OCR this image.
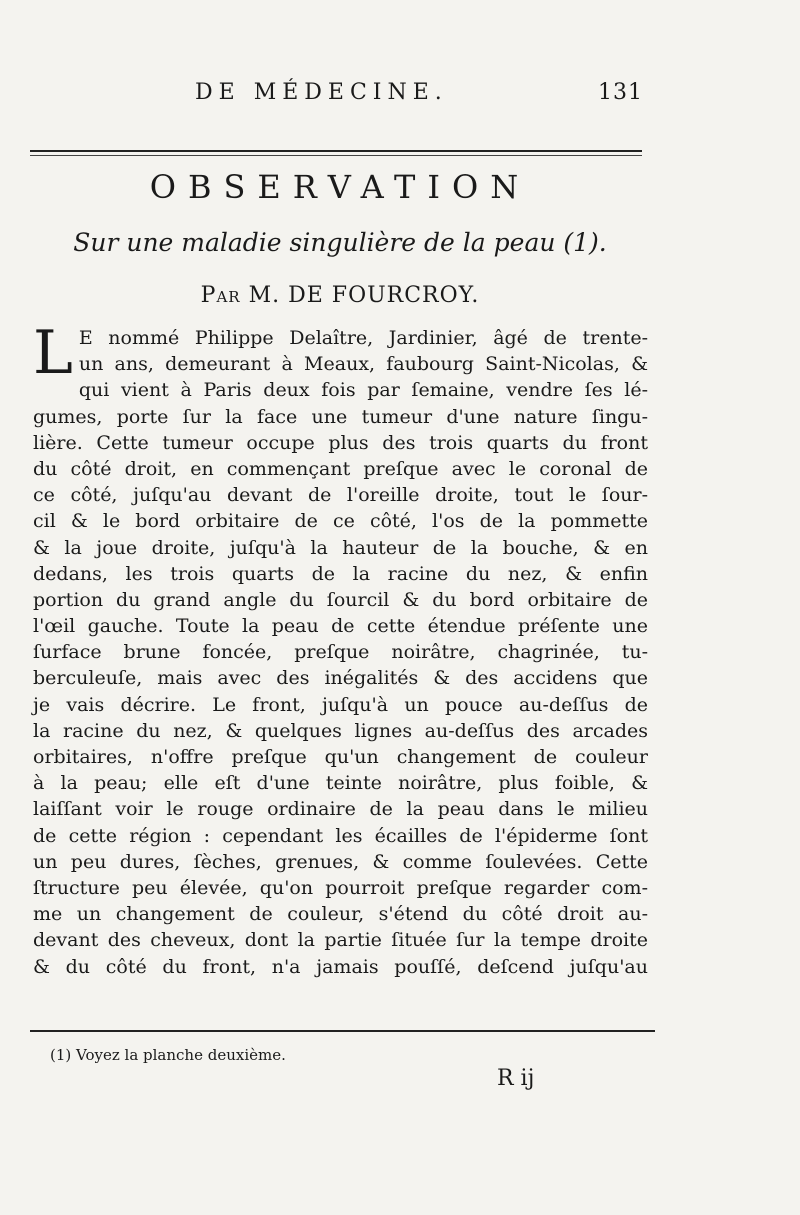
DE MÉDECINE.	131
OBSERVATION
Sur une maladie singulière de la peau (1).
Par M. DE FOURCROY.
L E nommé Philippe Delaître, Jardinier, âgé de trente-
un ans, demeurant à Meaux, faubourg Saint-Nicolas, &
qui vient à Paris deux fois par ſemaine, vendre ſes lé-
gumes, porte ſur la face une tumeur d'une nature ſingu-
lière. Cette tumeur occupe plus des trois quarts du front
du côté droit, en commençant preſque avec le coronal de
ce côté, juſqu'au devant de l'oreille droite, tout le ſour-
cil & le bord orbitaire de ce côté, l'os de la pommette
& la joue droite, juſqu'à la hauteur de la bouche, & en
dedans, les trois quarts de la racine du nez, & enfin
portion du grand angle du ſourcil & du bord orbitaire de
l'œil gauche. Toute la peau de cette étendue préſente une
ſurface brune foncée, preſque noirâtre, chagrinée, tu-
berculeuſe, mais avec des inégalités & des accidens que
je vais décrire. Le front, juſqu'à un pouce au-deſſus de
la racine du nez, & quelques lignes au-deſſus des arcades
orbitaires, n'offre preſque qu'un changement de couleur
à la peau; elle eſt d'une teinte noirâtre, plus foible, &
laiſſant voir le rouge ordinaire de la peau dans le milieu
de cette région : cependant les écailles de l'épiderme ſont
un peu dures, ſèches, grenues, & comme ſoulevées. Cette
ſtructure peu élevée, qu'on pourroit preſque regarder com-
me un changement de couleur, s'étend du côté droit au-
devant des cheveux, dont la partie ſituée ſur la tempe droite
& du côté du front, n'a jamais pouſſé, deſcend juſqu'au
(1) Voyez la planche deuxième.
R ij
